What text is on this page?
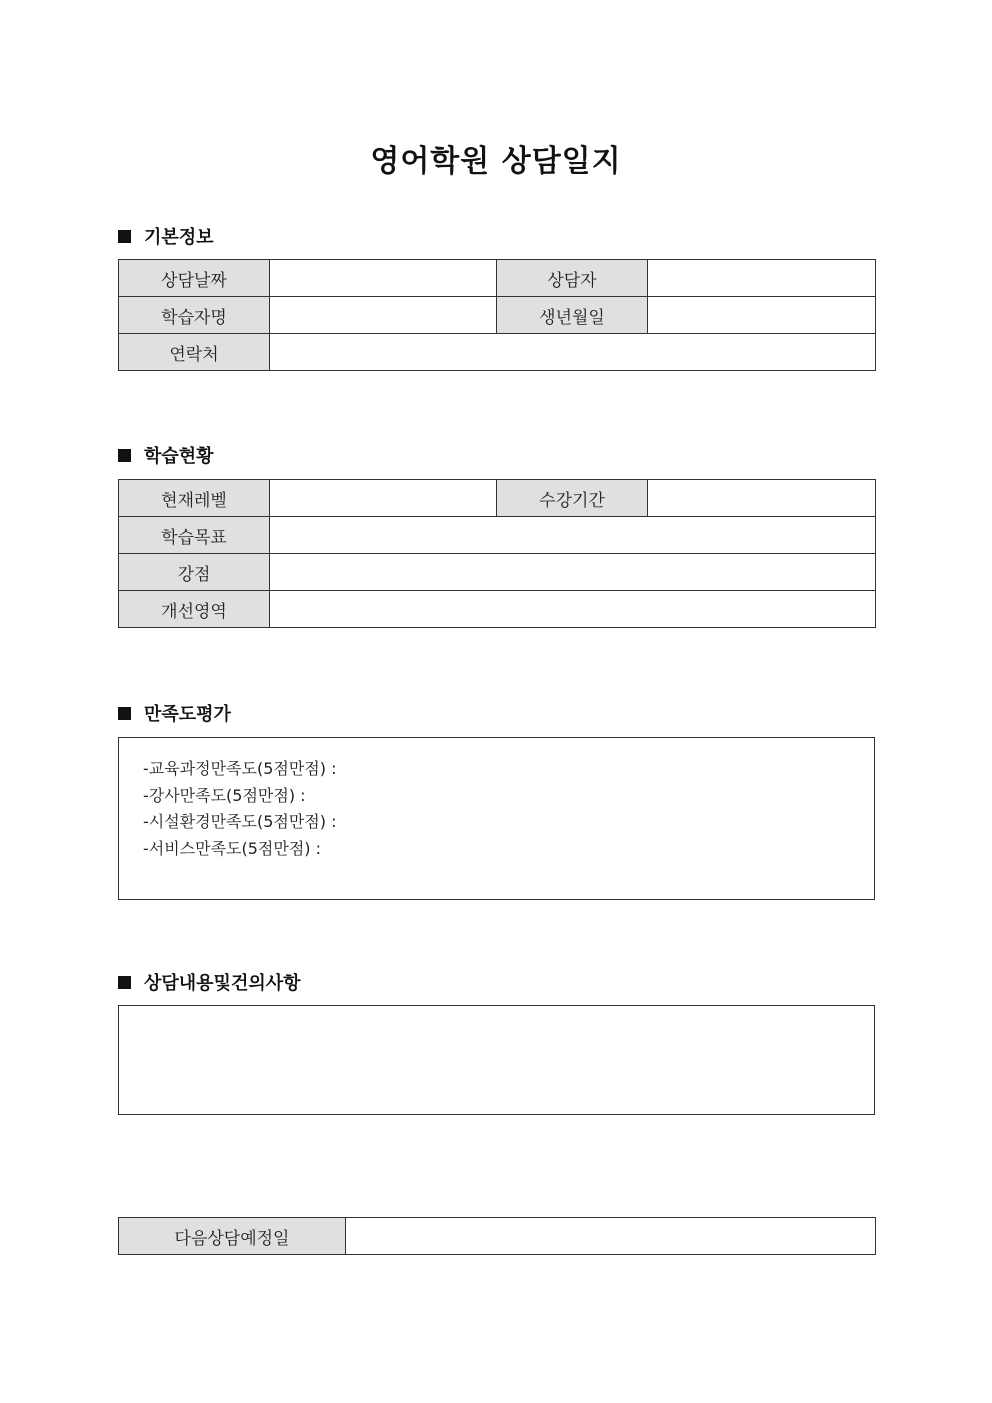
영어학원 상담일지
기본정보
상담날짜		상담자	
학습자명		생년월일	
연락처			
학습현황
현재레벨		수강기간	
학습목표			
강점			
개선영역			
만족도평가
-교육과정만족도(5점만점) :
-강사만족도(5점만점) :
-시설환경만족도(5점만점) :
-서비스만족도(5점만점) :
상담내용및건의사항
다음상담예정일	
